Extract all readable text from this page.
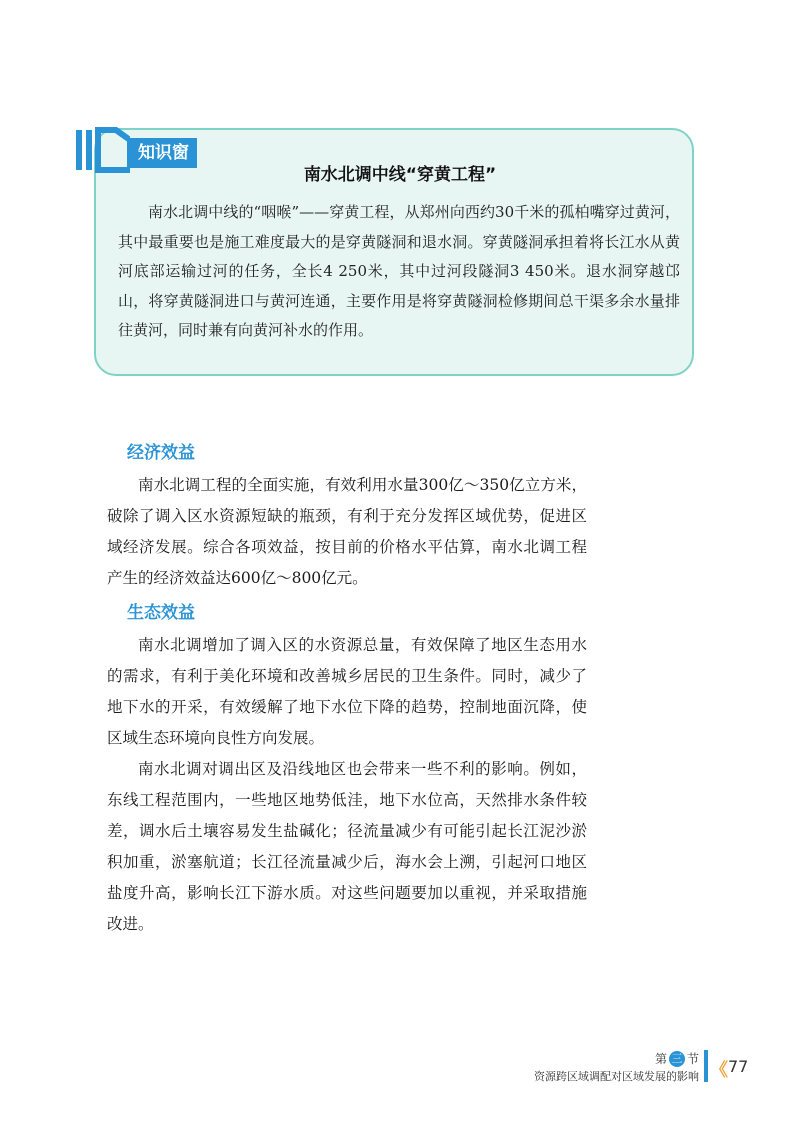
知识窗
南水北调中线“穿黄工程”

南水北调中线的“咽喉”——穿黄工程，从郑州向西约30千米的孤柏嘴穿过黄河，其中最重要也是施工难度最大的是穿黄隧洞和退水洞。穿黄隧洞承担着将长江水从黄河底部运输过河的任务，全长4 250米，其中过河段隧洞3 450米。退水洞穿越邙山，将穿黄隧洞进口与黄河连通，主要作用是将穿黄隧洞检修期间总干渠多余水量排往黄河，同时兼有向黄河补水的作用。

经济效益

南水北调工程的全面实施，有效利用水量300亿～350亿立方米，破除了调入区水资源短缺的瓶颈，有利于充分发挥区域优势，促进区域经济发展。综合各项效益，按目前的价格水平估算，南水北调工程产生的经济效益达600亿～800亿元。

生态效益

南水北调增加了调入区的水资源总量，有效保障了地区生态用水的需求，有利于美化环境和改善城乡居民的卫生条件。同时，减少了地下水的开采，有效缓解了地下水位下降的趋势，控制地面沉降，使区域生态环境向良性方向发展。

南水北调对调出区及沿线地区也会带来一些不利的影响。例如，东线工程范围内，一些地区地势低洼，地下水位高，天然排水条件较差，调水后土壤容易发生盐碱化；径流量减少有可能引起长江泥沙淤积加重，淤塞航道；长江径流量减少后，海水会上溯，引起河口地区盐度升高，影响长江下游水质。对这些问题要加以重视，并采取措施改进。

第 三 节
资源跨区域调配对区域发展的影响 《 77
